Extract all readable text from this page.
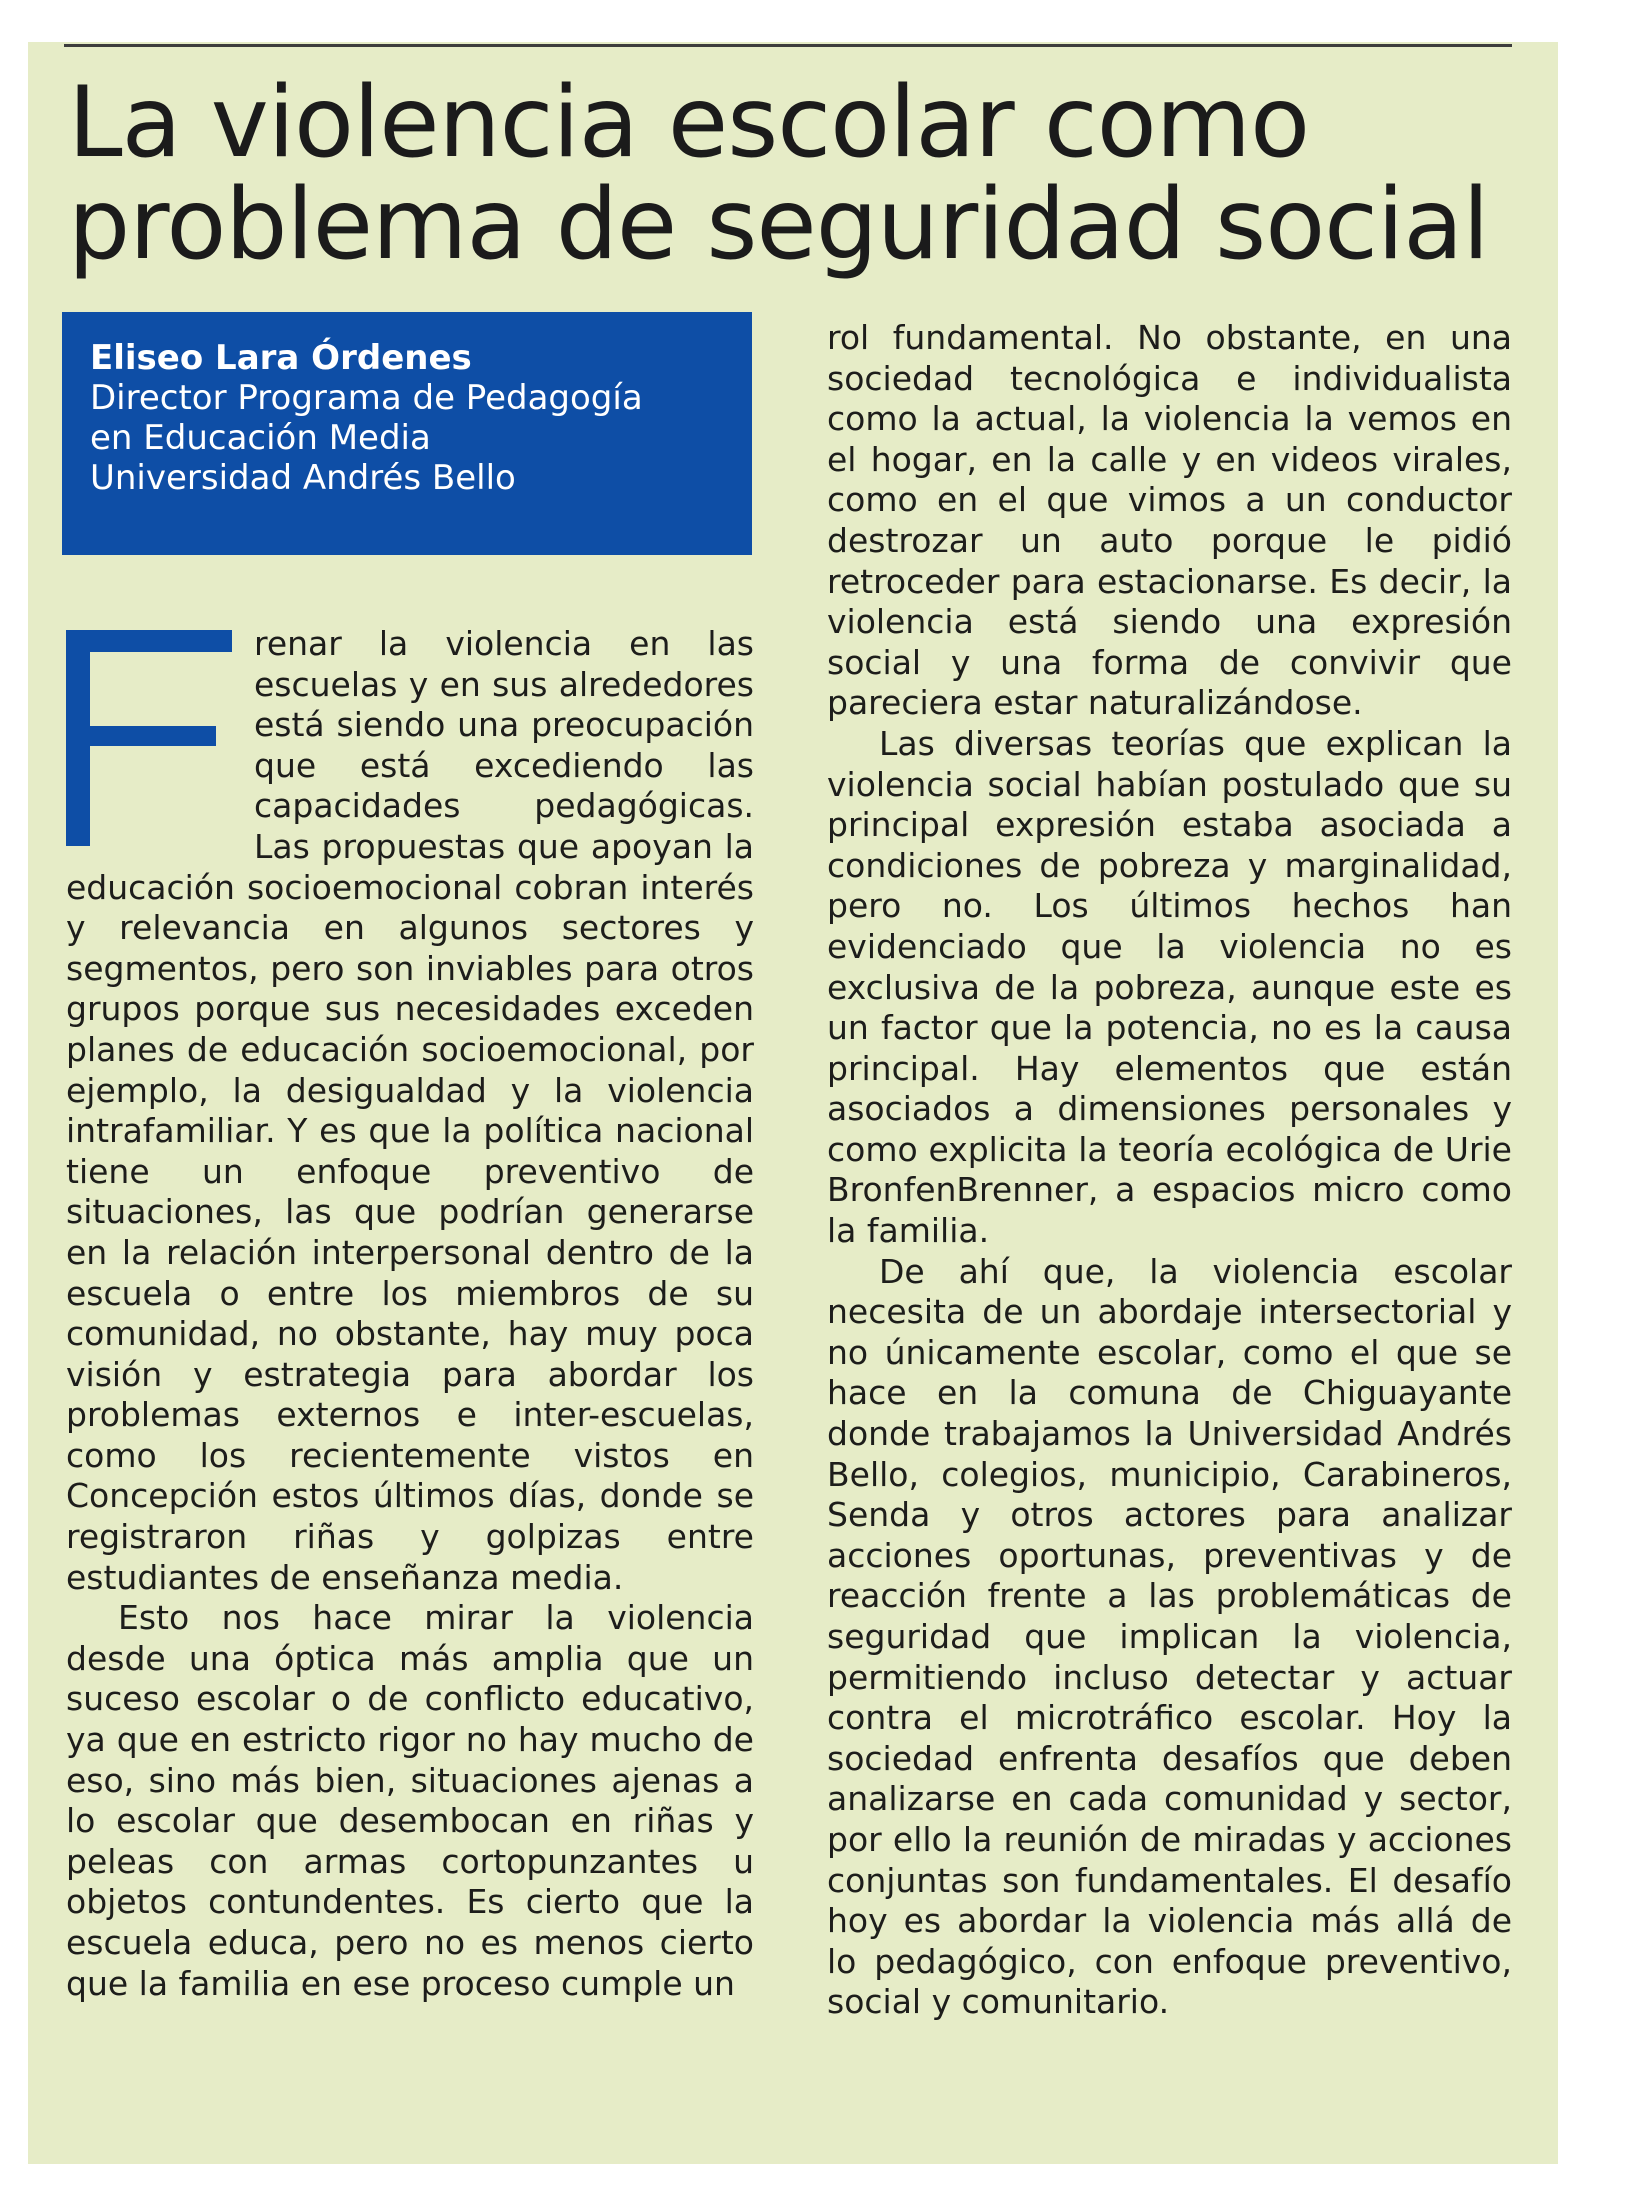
La violencia escolar como
problema de seguridad social
Eliseo Lara Órdenes
Director Programa de Pedagogía
en Educación Media
Universidad Andrés Bello

renar la violencia en las escuelas y en sus alrededores está siendo una preocupación que está excediendo las capacidades pedagógicas. Las propuestas que apoyan la educación socioemocional cobran interés y relevancia en algunos sectores y segmentos, pero son inviables para otros grupos porque sus necesidades exceden planes de educación socioemocional, por ejemplo, la desigualdad y la violencia intrafamiliar. Y es que la política nacional tiene un enfoque preventivo de situaciones, las que podrían generarse en la relación interpersonal dentro de la escuela o entre los miembros de su comunidad, no obstante, hay muy poca visión y estrategia para abordar los problemas externos e inter-escuelas, como los recientemente vistos en Concepción estos últimos días, donde se registraron riñas y golpizas entre estudiantes de enseñanza media.

Esto nos hace mirar la violencia desde una óptica más amplia que un suceso escolar o de conflicto educativo, ya que en estricto rigor no hay mucho de eso, sino más bien, situaciones ajenas a lo escolar que desembocan en riñas y peleas con armas cortopunzantes u objetos contundentes. Es cierto que la escuela educa, pero no es menos cierto que la familia en ese proceso cumple un

rol fundamental. No obstante, en una sociedad tecnológica e individualista como la actual, la violencia la vemos en el hogar, en la calle y en videos virales, como en el que vimos a un conductor destrozar un auto porque le pidió retroceder para estacionarse. Es decir, la violencia está siendo una expresión social y una forma de convivir que pareciera estar naturalizándose.

Las diversas teorías que explican la violencia social habían postulado que su principal expresión estaba asociada a condiciones de pobreza y marginalidad, pero no. Los últimos hechos han evidenciado que la violencia no es exclusiva de la pobreza, aunque este es un factor que la potencia, no es la causa principal. Hay elementos que están asociados a dimensiones personales y como explicita la teoría ecológica de Urie BronfenBrenner, a espacios micro como la familia.

De ahí que, la violencia escolar necesita de un abordaje intersectorial y no únicamente escolar, como el que se hace en la comuna de Chiguayante donde trabajamos la Universidad Andrés Bello, colegios, municipio, Carabineros, Senda y otros actores para analizar acciones oportunas, preventivas y de reacción frente a las problemáticas de seguridad que implican la violencia, permitiendo incluso detectar y actuar contra el microtráfico escolar. Hoy la sociedad enfrenta desafíos que deben analizarse en cada comunidad y sector, por ello la reunión de miradas y acciones conjuntas son fundamentales. El desafío hoy es abordar la violencia más allá de lo pedagógico, con enfoque preventivo, social y comunitario.
